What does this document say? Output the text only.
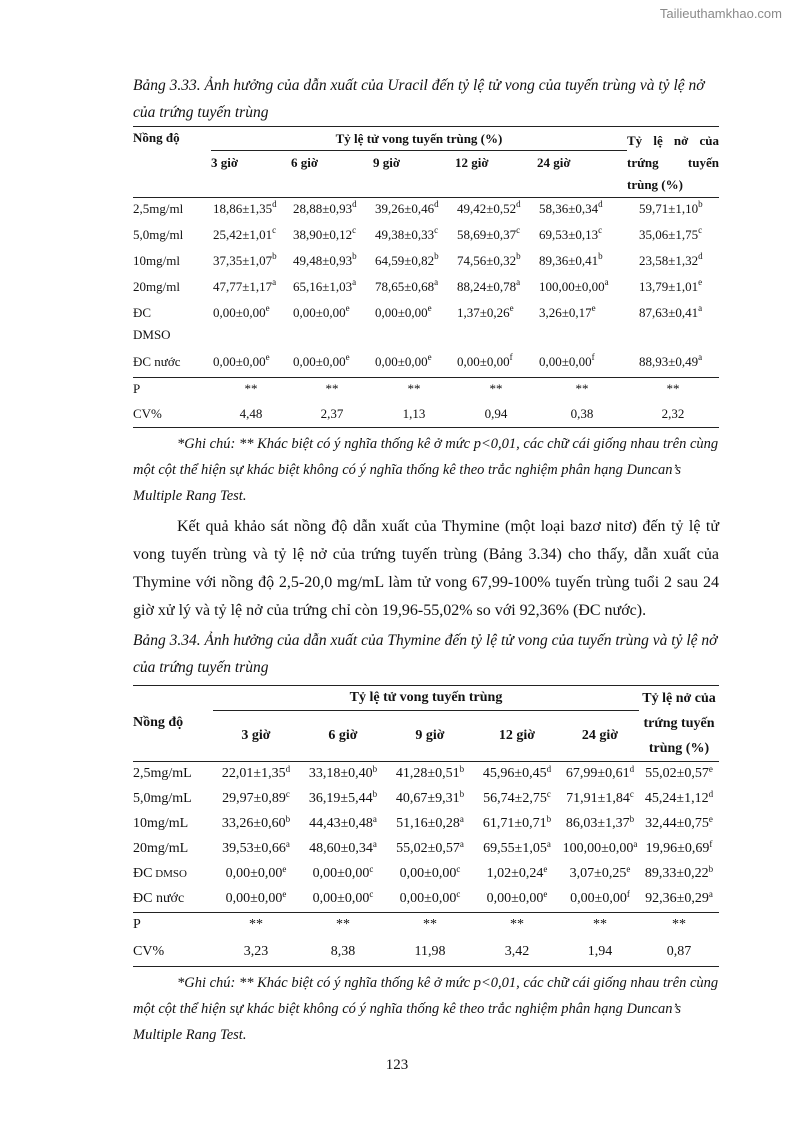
Tailieuthamkhao.com

Bảng 3.33. Ảnh hưởng của dẫn xuất của Uracil đến tỷ lệ tử vong của tuyến trùng và tỷ lệ nở của trứng tuyến trùng

Nồng độ	Tỷ lệ tử vong tuyến trùng (%)					Tỷ lệ nở của
trứng tuyến
trùng (%)

	3 giờ	6 giờ	9 giờ	12 giờ	24 giờ	
2,5mg/ml	18,86±1,35$^d$	28,88±0,93$^d$	39,26±0,46$^d$	49,42±0,52$^d$	58,36±0,34$^d$	59,71±1,10$^b$
5,0mg/ml	25,42±1,01$^c$	38,90±0,12$^c$	49,38±0,33$^c$	58,69±0,37$^c$	69,53±0,13$^c$	35,06±1,75$^c$
10mg/ml	37,35±1,07$^b$	49,48±0,93$^b$	64,59±0,82$^b$	74,56±0,32$^b$	89,36±0,41$^b$	23,58±1,32$^d$
20mg/ml	47,77±1,17$^a$	65,16±1,03$^a$	78,65±0,68$^a$	88,24±0,78$^a$	100,00±0,00$^a$	13,79±1,01$^e$
ĐC
DMSO	0,00±0,00$^e$	0,00±0,00$^e$	0,00±0,00$^e$	1,37±0,26$^e$	3,26±0,17$^e$	87,63±0,41$^a$
ĐC nước	0,00±0,00$^e$	0,00±0,00$^e$	0,00±0,00$^e$	0,00±0,00$^f$	0,00±0,00$^f$	88,93±0,49$^a$
P	**	**	**	**	**	**
CV%	4,48	2,37	1,13	0,94	0,38	2,32

*Ghi chú: ** Khác biệt có ý nghĩa thống kê ở mức p<0,01, các chữ cái giống nhau trên cùng một cột thể hiện sự khác biệt không có ý nghĩa thống kê theo trắc nghiệm phân hạng Duncan’s Multiple Rang Test.

Kết quả khảo sát nồng độ dẫn xuất của Thymine (một loại bazơ nitơ) đến tỷ lệ tử vong tuyến trùng và tỷ lệ nở của trứng tuyến trùng (Bảng 3.34) cho thấy, dẫn xuất của Thymine với nồng độ 2,5-20,0 mg/mL làm tử vong 67,99-100% tuyến trùng tuổi 2 sau 24 giờ xử lý và tỷ lệ nở của trứng chỉ còn 19,96-55,02% so với 92,36% (ĐC nước).

Bảng 3.34. Ảnh hưởng của dẫn xuất của Thymine đến tỷ lệ tử vong của tuyến trùng và tỷ lệ nở của trứng tuyến trùng

Nồng độ	Tỷ lệ tử vong tuyến trùng					Tỷ lệ nở của
trứng tuyến
trùng (%)

	3 giờ	6 giờ	9 giờ	12 giờ	24 giờ	
2,5mg/mL	22,01±1,35$^d$	33,18±0,40$^b$	41,28±0,51$^b$	45,96±0,45$^d$	67,99±0,61$^d$	55,02±0,57$^e$
5,0mg/mL	29,97±0,89$^c$	36,19±5,44$^b$	40,67±9,31$^b$	56,74±2,75$^c$	71,91±1,84$^c$	45,24±1,12$^d$
10mg/mL	33,26±0,60$^b$	44,43±0,48$^a$	51,16±0,28$^a$	61,71±0,71$^b$	86,03±1,37$^b$	32,44±0,75$^e$
20mg/mL	39,53±0,66$^a$	48,60±0,34$^a$	55,02±0,57$^a$	69,55±1,05$^a$	100,00±0,00$^a$	19,96±0,69$^f$
ĐC DMSO	0,00±0,00$^e$	0,00±0,00$^c$	0,00±0,00$^c$	1,02±0,24$^e$	3,07±0,25$^e$	89,33±0,22$^b$
ĐC nước	0,00±0,00$^e$	0,00±0,00$^c$	0,00±0,00$^c$	0,00±0,00$^e$	0,00±0,00$^f$	92,36±0,29$^a$
P	**	**	**	**	**	**
CV%	3,23	8,38	11,98	3,42	1,94	0,87

*Ghi chú: ** Khác biệt có ý nghĩa thống kê ở mức p<0,01, các chữ cái giống nhau trên cùng một cột thể hiện sự khác biệt không có ý nghĩa thống kê theo trắc nghiệm phân hạng Duncan’s Multiple Rang Test.

123
